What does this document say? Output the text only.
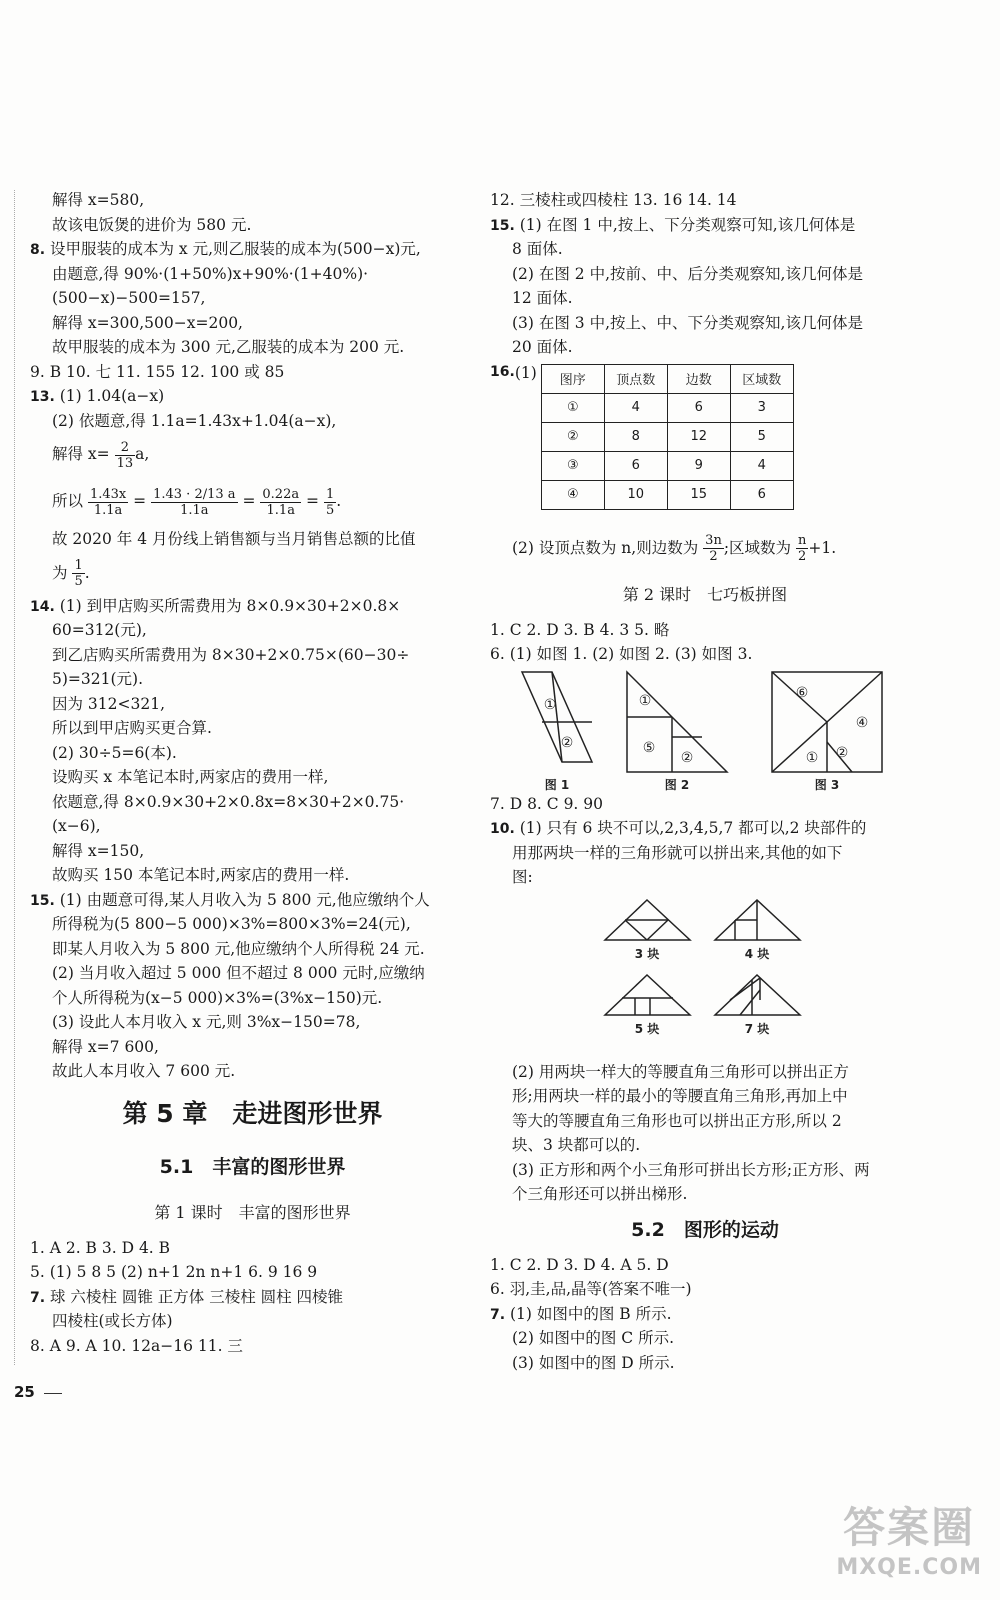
解得 x=580,
故该电饭煲的进价为 580 元.
8. 设甲服装的成本为 x 元,则乙服装的成本为(500−x)元,
由题意,得 90%·(1+50%)x+90%·(1+40%)·
(500−x)−500=157,
解得 x=300,500−x=200,
故甲服装的成本为 300 元,乙服装的成本为 200 元.
9. B 10. 七 11. 155 12. 100 或 85
13. (1) 1.04(a−x)
(2) 依题意,得 1.1a=1.43x+1.04(a−x),
解得 $x= \frac{2}{13} a$,
所以 $\frac{1.43x}{1.1a} = \frac{1.43 \cdot 2/13 a}{1.1a} = \frac{0.22a}{1.1a} = \frac{1}{5}$ .
故 2020 年 4 月份线上销售额与当月销售总额的比值
为 $\frac{1}{5}$ .
14. (1) 到甲店购买所需费用为 8×0.9×30+2×0.8×
60=312(元),
到乙店购买所需费用为 8×30+2×0.75×(60−30÷
5)=321(元).
因为 312<321,
所以到甲店购买更合算.
(2) 30÷5=6(本).
设购买 x 本笔记本时,两家店的费用一样,
依题意,得 8×0.9×30+2×0.8x=8×30+2×0.75·
(x−6),
解得 x=150,
故购买 150 本笔记本时,两家店的费用一样.
15. (1) 由题意可得,某人月收入为 5 800 元,他应缴纳个人
所得税为(5 800−5 000)×3%=800×3%=24(元),
即某人月收入为 5 800 元,他应缴纳个人所得税 24 元.
(2) 当月收入超过 5 000 但不超过 8 000 元时,应缴纳
个人所得税为(x−5 000)×3%=(3%x−150)元.
(3) 设此人本月收入 x 元,则 3%x−150=78,
解得 x=7 600,
故此人本月收入 7 600 元.
第 5 章　走进图形世界
5.1　丰富的图形世界
第 1 课时　丰富的图形世界
1. A 2. B 3. D 4. B
5. (1) 5 8 5 (2) n+1 2n n+1 6. 9 16 9
7. 球 六棱柱 圆锥 正方体 三棱柱 圆柱 四棱锥
四棱柱(或长方体)
8. A 9. A 10. 12a−16 11. 三
12. 三棱柱或四棱柱 13. 16 14. 14
15. (1) 在图 1 中,按上、下分类观察可知,该几何体是
8 面体.
(2) 在图 2 中,按前、中、后分类观察知,该几何体是
12 面体.
(3) 在图 3 中,按上、中、下分类观察知,该几何体是
20 面体.
16. (1) 图序	顶点数	边数	区域数
①	4	6	3
②	8	12	5
③	6	9	4
④	10	15	6
(2) 设顶点数为 n,则边数为 $\frac{3n}{2}$ ;区域数为 $\frac{n}{2} +1$.
第 2 课时　七巧板拼图
1. C 2. D 3. B 4. 3 5. 略
6. (1) 如图 1. (2) 如图 2. (3) 如图 3.
①
②
①
⑤
②
⑥
④
① ②
图 1	图 2	图 3
7. D 8. C 9. 90
10. (1) 只有 6 块不可以,2,3,4,5,7 都可以,2 块部件的
用那两块一样的三角形就可以拼出来,其他的如下
图:
3 块	4 块
5 块	7 块
(2) 用两块一样大的等腰直角三角形可以拼出正方
形;用两块一样的最小的等腰直角三角形,再加上中
等大的等腰直角三角形也可以拼出正方形,所以 2
块、3 块都可以的.
(3) 正方形和两个小三角形可拼出长方形;正方形、两
个三角形还可以拼出梯形.
5.2　图形的运动
1. C 2. D 3. D 4. A 5. D
6. 羽,圭,品,晶等(答案不唯一)
7. (1) 如图中的图 B 所示.
(2) 如图中的图 C 所示.
(3) 如图中的图 D 所示.
25
答案圈
MXQE.COM
